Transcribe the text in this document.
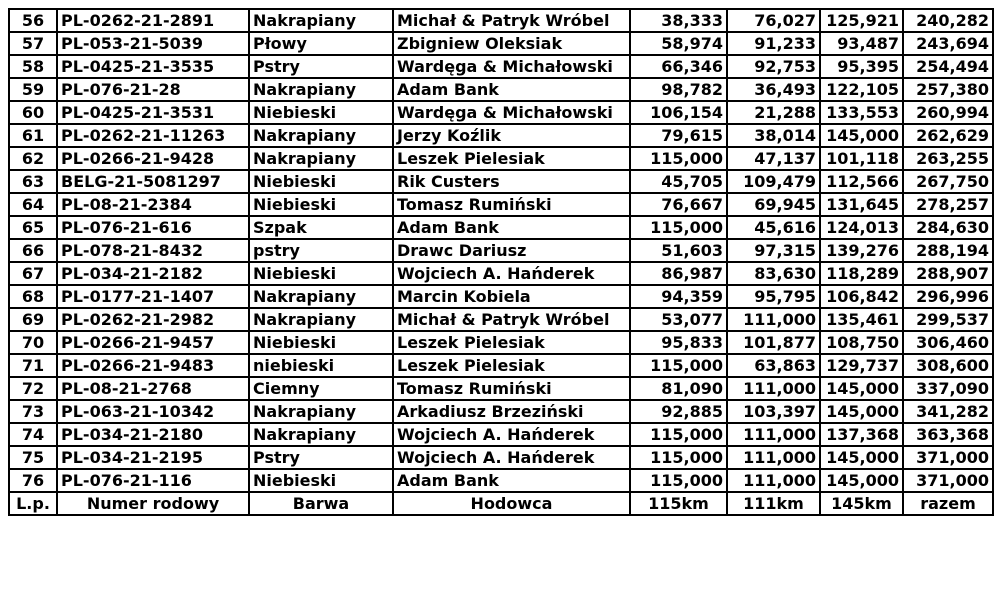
56	PL-0262-21-2891	Nakrapiany	Michał & Patryk Wróbel	38,333	76,027	125,921	240,282
57	PL-053-21-5039	Płowy	Zbigniew Oleksiak	58,974	91,233	93,487	243,694
58	PL-0425-21-3535	Pstry	Wardęga & Michałowski	66,346	92,753	95,395	254,494
59	PL-076-21-28	Nakrapiany	Adam Bank	98,782	36,493	122,105	257,380
60	PL-0425-21-3531	Niebieski	Wardęga & Michałowski	106,154	21,288	133,553	260,994
61	PL-0262-21-11263	Nakrapiany	Jerzy Koźlik	79,615	38,014	145,000	262,629
62	PL-0266-21-9428	Nakrapiany	Leszek Pielesiak	115,000	47,137	101,118	263,255
63	BELG-21-5081297	Niebieski	Rik Custers	45,705	109,479	112,566	267,750
64	PL-08-21-2384	Niebieski	Tomasz Rumiński	76,667	69,945	131,645	278,257
65	PL-076-21-616	Szpak	Adam Bank	115,000	45,616	124,013	284,630
66	PL-078-21-8432	pstry	Drawc Dariusz	51,603	97,315	139,276	288,194
67	PL-034-21-2182	Niebieski	Wojciech A. Hańderek	86,987	83,630	118,289	288,907
68	PL-0177-21-1407	Nakrapiany	Marcin Kobiela	94,359	95,795	106,842	296,996
69	PL-0262-21-2982	Nakrapiany	Michał & Patryk Wróbel	53,077	111,000	135,461	299,537
70	PL-0266-21-9457	Niebieski	Leszek Pielesiak	95,833	101,877	108,750	306,460
71	PL-0266-21-9483	niebieski	Leszek Pielesiak	115,000	63,863	129,737	308,600
72	PL-08-21-2768	Ciemny	Tomasz Rumiński	81,090	111,000	145,000	337,090
73	PL-063-21-10342	Nakrapiany	Arkadiusz Brzeziński	92,885	103,397	145,000	341,282
74	PL-034-21-2180	Nakrapiany	Wojciech A. Hańderek	115,000	111,000	137,368	363,368
75	PL-034-21-2195	Pstry	Wojciech A. Hańderek	115,000	111,000	145,000	371,000
76	PL-076-21-116	Niebieski	Adam Bank	115,000	111,000	145,000	371,000
L.p.	Numer rodowy	Barwa	Hodowca	115km	111km	145km	razem
